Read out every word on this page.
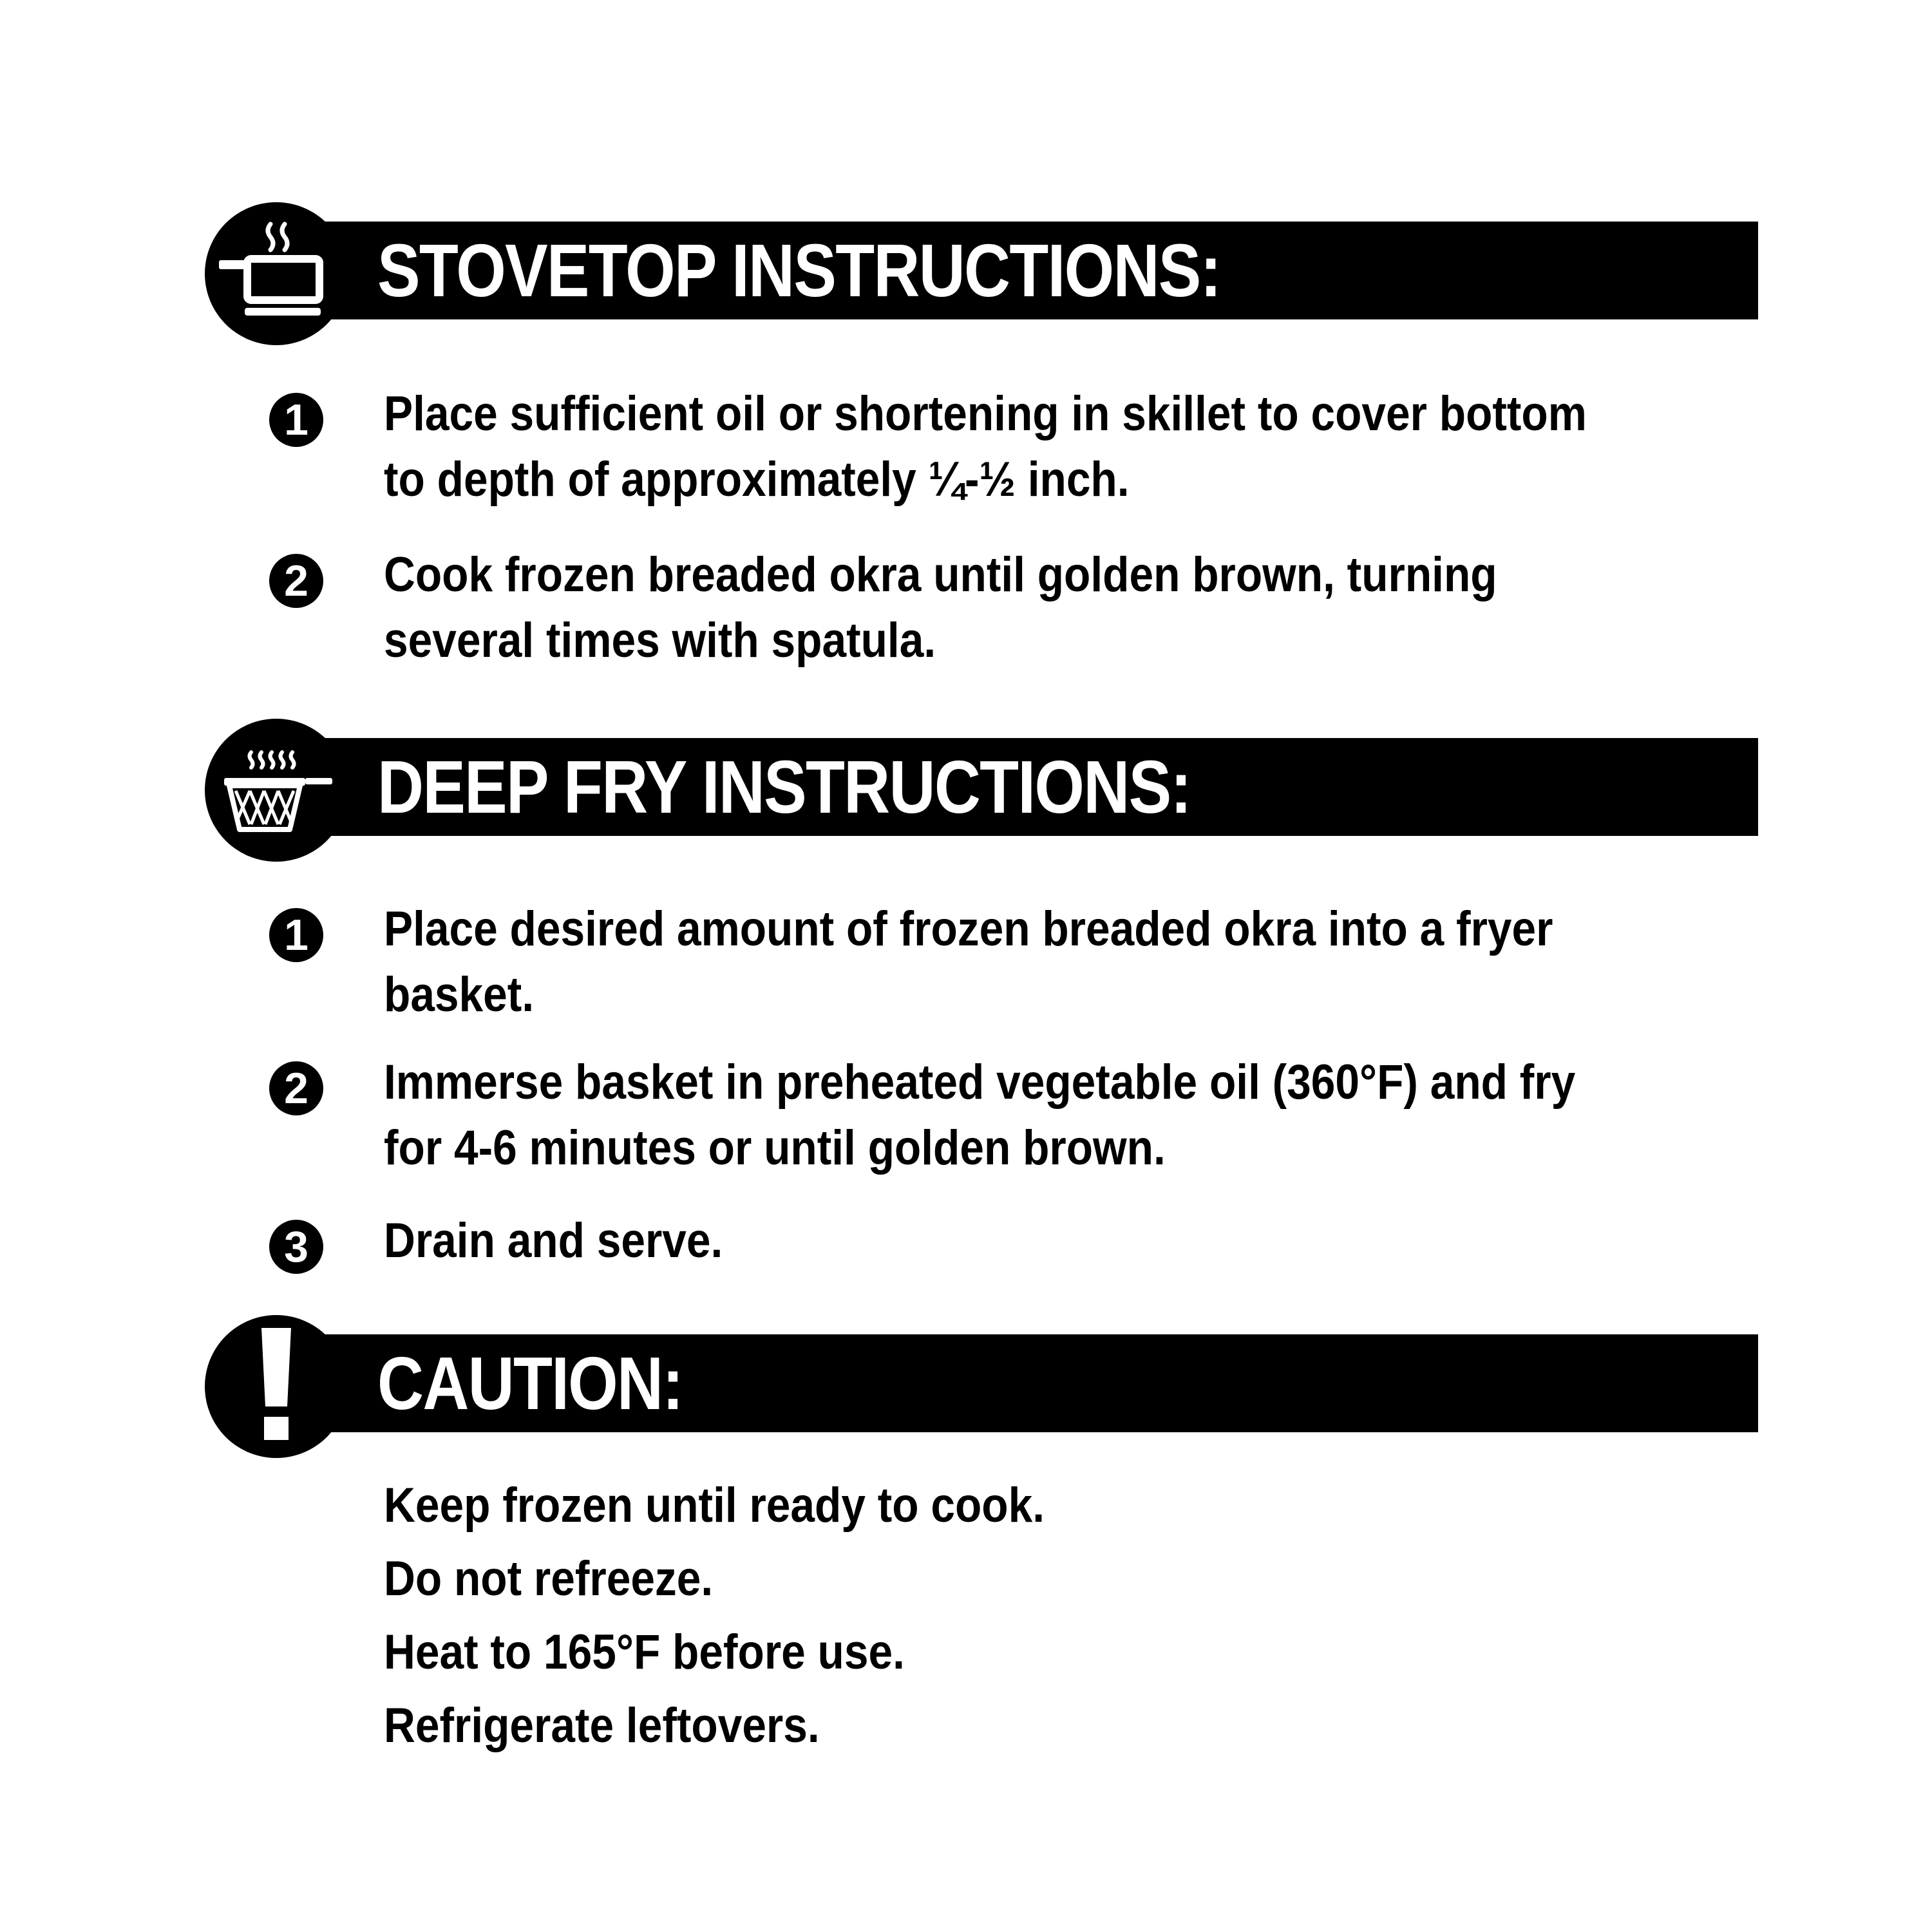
STOVETOP INSTRUCTIONS:
1	Place sufficient oil or shortening in skillet to cover bottom
to depth of approximately ¼-½ inch.
2	Cook frozen breaded okra until golden brown, turning
several times with spatula.
DEEP FRY INSTRUCTIONS:
1	Place desired amount of frozen breaded okra into a fryer
basket.
2	Immerse basket in preheated vegetable oil (360°F) and fry
for 4-6 minutes or until golden brown.
3	Drain and serve.
CAUTION:
Keep frozen until ready to cook.
Do not refreeze.
Heat to 165°F before use.
Refrigerate leftovers.
